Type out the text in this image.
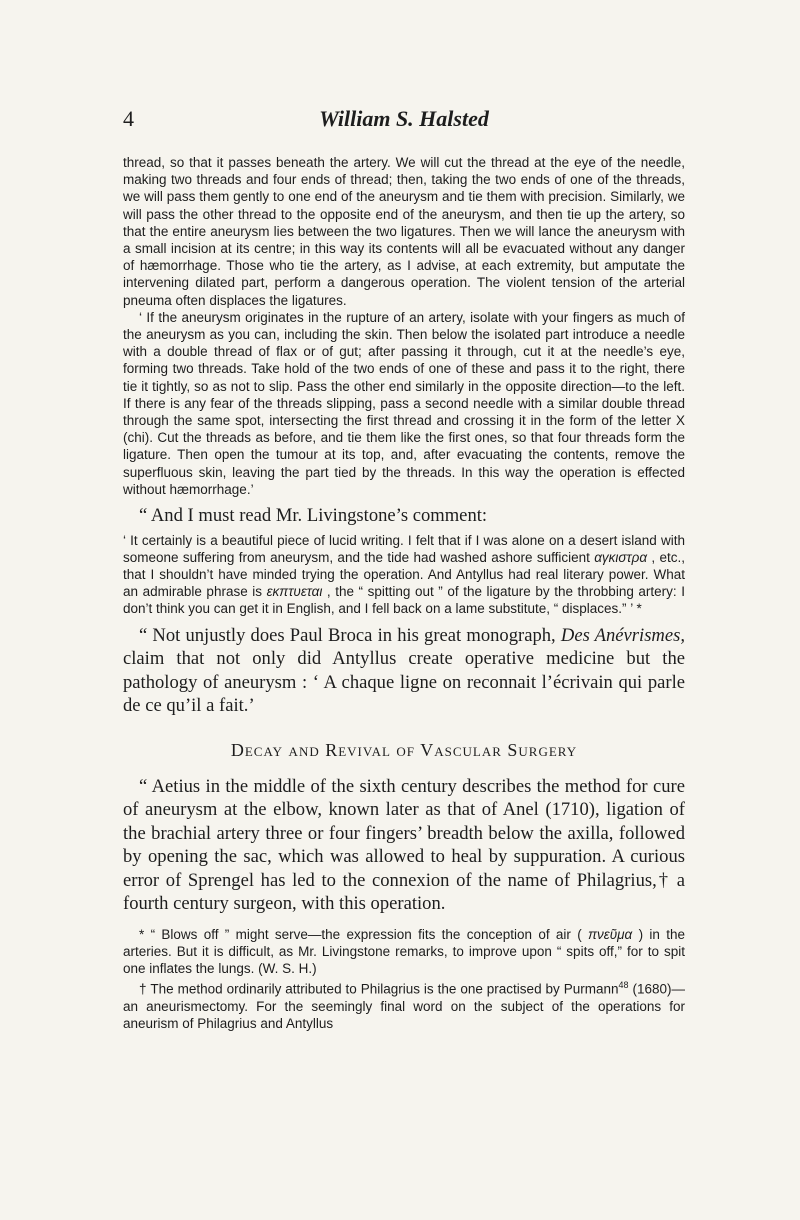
4	William S. Halsted

thread, so that it passes beneath the artery. We will cut the thread at the eye of the needle, making two threads and four ends of thread; then, taking the two ends of one of the threads, we will pass them gently to one end of the aneurysm and tie them with precision. Similarly, we will pass the other thread to the opposite end of the aneurysm, and then tie up the artery, so that the entire aneurysm lies between the two ligatures. Then we will lance the aneurysm with a small incision at its centre; in this way its contents will all be evacuated without any danger of hæmorrhage. Those who tie the artery, as I advise, at each extremity, but amputate the intervening dilated part, perform a dangerous operation. The violent tension of the arterial pneuma often displaces the ligatures.

‘ If the aneurysm originates in the rupture of an artery, isolate with your fingers as much of the aneurysm as you can, including the skin. Then below the isolated part introduce a needle with a double thread of flax or of gut; after passing it through, cut it at the needle’s eye, forming two threads. Take hold of the two ends of one of these and pass it to the right, there tie it tightly, so as not to slip. Pass the other end similarly in the opposite direction—to the left. If there is any fear of the threads slipping, pass a second needle with a similar double thread through the same spot, intersecting the first thread and crossing it in the form of the letter X (chi). Cut the threads as before, and tie them like the first ones, so that four threads form the ligature. Then open the tumour at its top, and, after evacuating the contents, remove the superfluous skin, leaving the part tied by the threads. In this way the operation is effected without hæmorrhage.’

“ And I must read Mr. Livingstone’s comment:

‘ It certainly is a beautiful piece of lucid writing. I felt that if I was alone on a desert island with someone suffering from aneurysm, and the tide had washed ashore sufficient αγκιστρα , etc., that I shouldn’t have minded trying the operation. And Antyllus had real literary power. What an admirable phrase is εκπτυεται , the “ spitting out ” of the ligature by the throbbing artery: I don’t think you can get it in English, and I fell back on a lame substitute, “ displaces.” ’ *

“ Not unjustly does Paul Broca in his great monograph, Des Anévrismes, claim that not only did Antyllus create operative medicine but the pathology of aneurysm : ‘ A chaque ligne on reconnait l’écrivain qui parle de ce qu’il a fait.’

Decay and Revival of Vascular Surgery

“ Aetius in the middle of the sixth century describes the method for cure of aneurysm at the elbow, known later as that of Anel (1710), ligation of the brachial artery three or four fingers’ breadth below the axilla, followed by opening the sac, which was allowed to heal by suppuration. A curious error of Sprengel has led to the connexion of the name of Philagrius,† a fourth century surgeon, with this operation.

* “ Blows off ” might serve—the expression fits the conception of air ( πνεῦμα ) in the arteries. But it is difficult, as Mr. Livingstone remarks, to improve upon “ spits off,” for to spit one inflates the lungs. (W. S. H.)

† The method ordinarily attributed to Philagrius is the one practised by Purmann$^{48}$ (1680)—an aneurismectomy. For the seemingly final word on the subject of the operations for aneurism of Philagrius and Antyllus
